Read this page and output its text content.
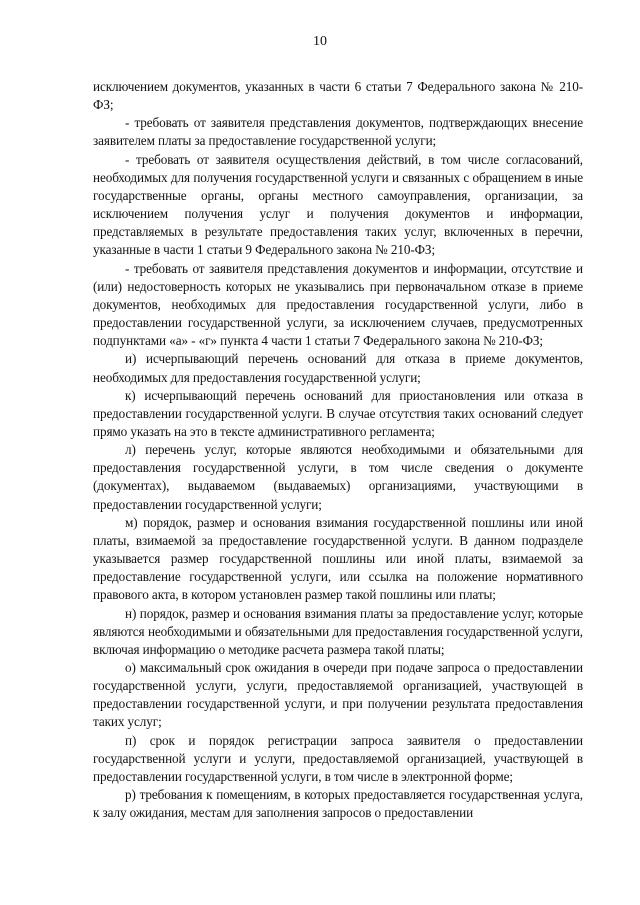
10

исключением документов, указанных в части 6 статьи 7 Федерального закона № 210-ФЗ;

- требовать от заявителя представления документов, подтверждающих внесение заявителем платы за предоставление государственной услуги;

- требовать от заявителя осуществления действий, в том числе согласований, необходимых для получения государственной услуги и связанных с обращением в иные государственные органы, органы местного самоуправления, организации, за исключением получения услуг и получения документов и информации, представляемых в результате предоставления таких услуг, включенных в перечни, указанные в части 1 статьи 9 Федерального закона № 210-ФЗ;

- требовать от заявителя представления документов и информации, отсутствие и (или) недостоверность которых не указывались при первоначальном отказе в приеме документов, необходимых для предоставления государственной услуги, либо в предоставлении государственной услуги, за исключением случаев, предусмотренных подпунктами «а» - «г» пункта 4 части 1 статьи 7 Федерального закона № 210-ФЗ;

и) исчерпывающий перечень оснований для отказа в приеме документов, необходимых для предоставления государственной услуги;

к) исчерпывающий перечень оснований для приостановления или отказа в предоставлении государственной услуги. В случае отсутствия таких оснований следует прямо указать на это в тексте административного регламента;

л) перечень услуг, которые являются необходимыми и обязательными для предоставления государственной услуги, в том числе сведения о документе (документах), выдаваемом (выдаваемых) организациями, участвующими в предоставлении государственной услуги;

м) порядок, размер и основания взимания государственной пошлины или иной платы, взимаемой за предоставление государственной услуги. В данном подразделе указывается размер государственной пошлины или иной платы, взимаемой за предоставление государственной услуги, или ссылка на положение нормативного правового акта, в котором установлен размер такой пошлины или платы;

н) порядок, размер и основания взимания платы за предоставление услуг, которые являются необходимыми и обязательными для предоставления государственной услуги, включая информацию о методике расчета размера такой платы;

о) максимальный срок ожидания в очереди при подаче запроса о предоставлении государственной услуги, услуги, предоставляемой организацией, участвующей в предоставлении государственной услуги, и при получении результата предоставления таких услуг;

п) срок и порядок регистрации запроса заявителя о предоставлении государственной услуги и услуги, предоставляемой организацией, участвующей в предоставлении государственной услуги, в том числе в электронной форме;

р) требования к помещениям, в которых предоставляется государственная услуга, к залу ожидания, местам для заполнения запросов о предоставлении
